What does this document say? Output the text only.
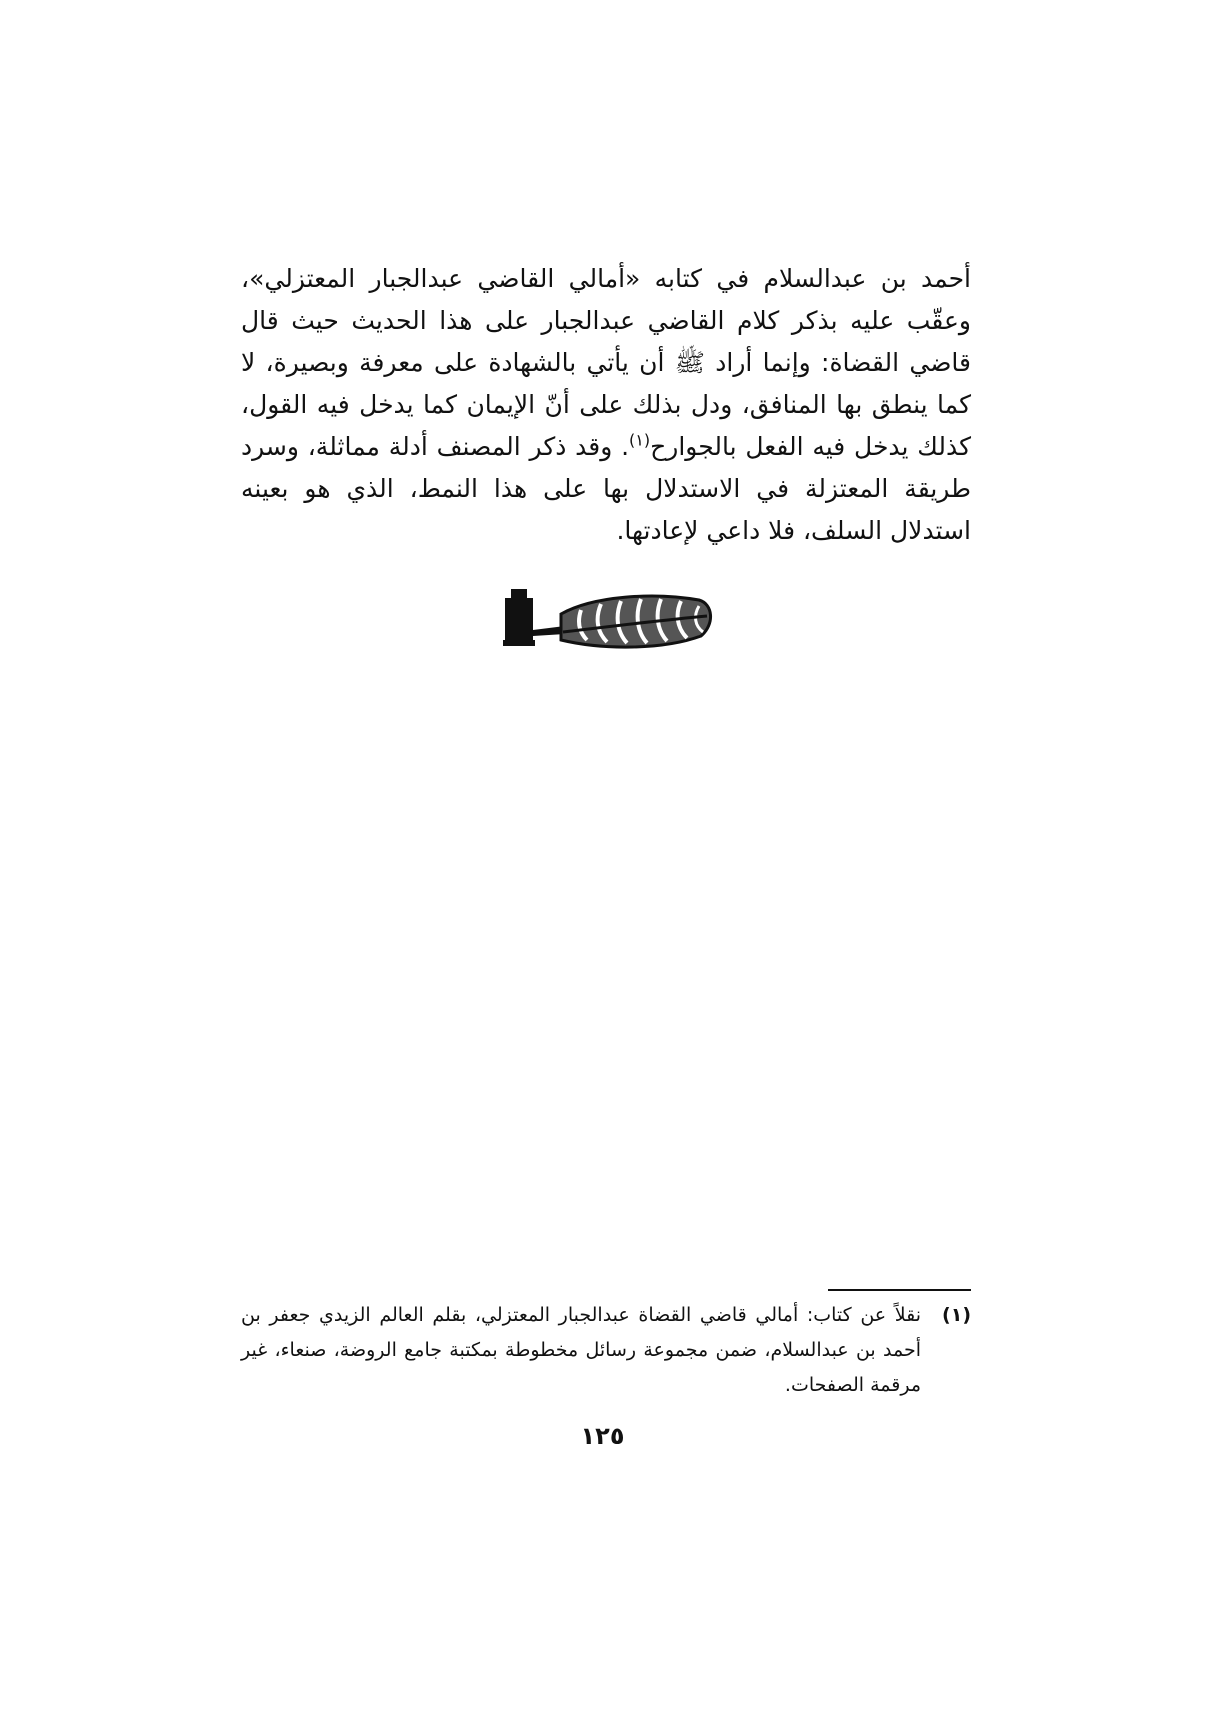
أحمد بن عبدالسلام في كتابه «أمالي القاضي عبدالجبار المعتزلي»، وعقّب عليه بذكر كلام القاضي عبدالجبار على هذا الحديث حيث قال قاضي القضاة: وإنما أراد ﷺ أن يأتي بالشهادة على معرفة وبصيرة، لا كما ينطق بها المنافق، ودل بذلك على أنّ الإيمان كما يدخل فيه القول، كذلك يدخل فيه الفعل بالجوارح$^{(١)}$. وقد ذكر المصنف أدلة مماثلة، وسرد طريقة المعتزلة في الاستدلال بها على هذا النمط، الذي هو بعينه استدلال السلف، فلا داعي لإعادتها.

(١)
نقلاً عن كتاب: أمالي قاضي القضاة عبدالجبار المعتزلي، بقلم العالم الزيدي جعفر بن أحمد بن عبدالسلام، ضمن مجموعة رسائل مخطوطة بمكتبة جامع الروضة، صنعاء، غير مرقمة الصفحات.
١٢٥
